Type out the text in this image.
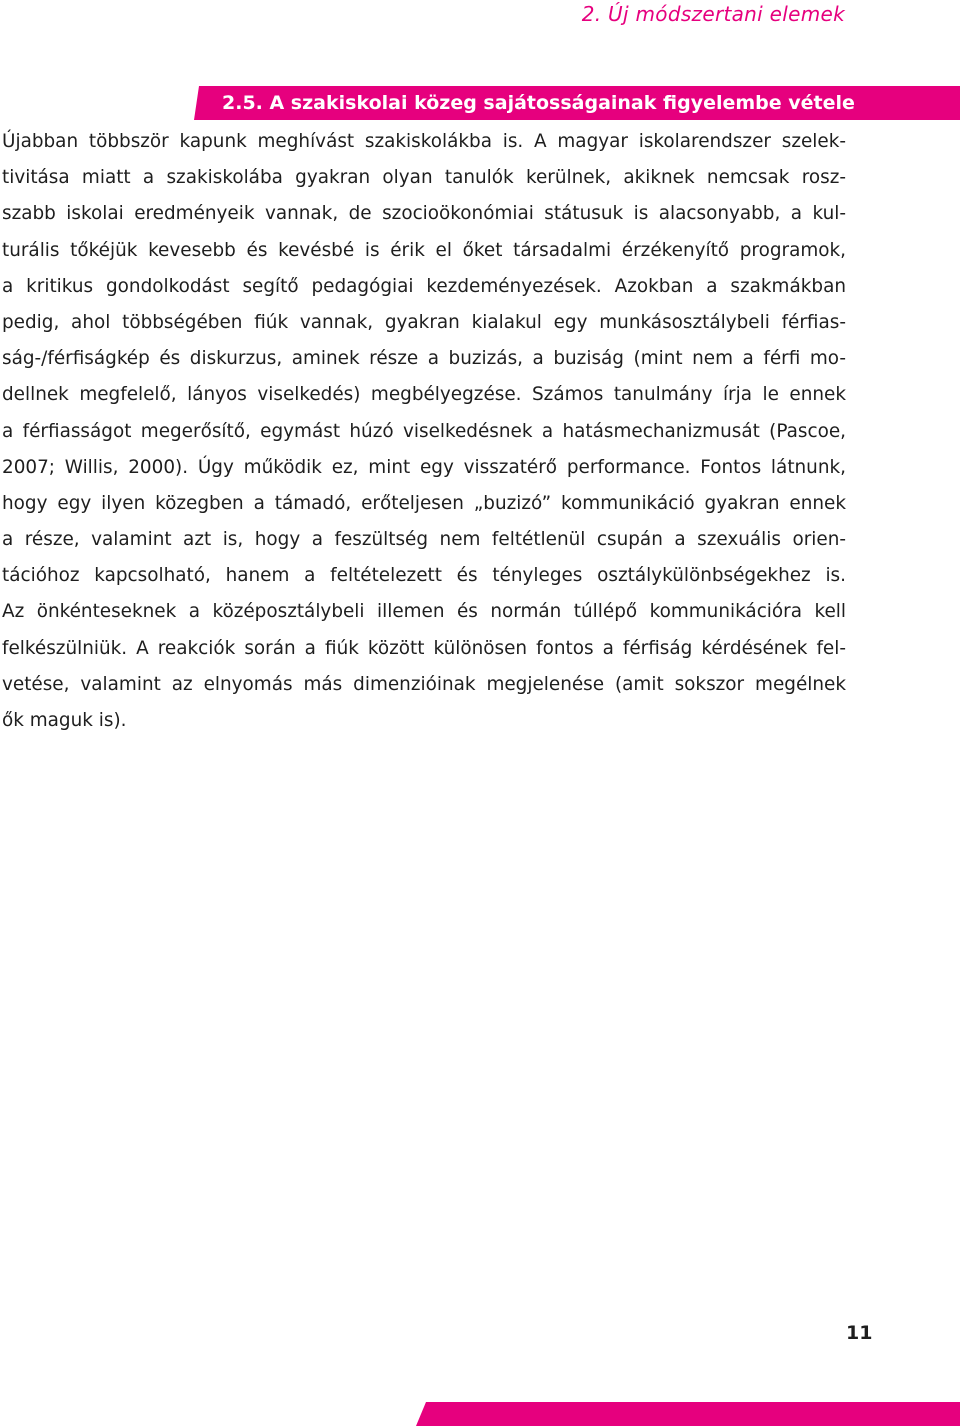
2. Új módszertani elemek
2.5. A szakiskolai közeg sajátosságainak figyelembe vétele
Újabban többször kapunk meghívást szakiskolákba is. A magyar iskolarendszer szelek-
tivitása miatt a szakiskolába gyakran olyan tanulók kerülnek, akiknek nemcsak rosz-
szabb iskolai eredményeik vannak, de szocioökonómiai státusuk is alacsonyabb, a kul-
turális tőkéjük kevesebb és kevésbé is érik el őket társadalmi érzékenyítő programok,
a kritikus gondolkodást segítő pedagógiai kezdeményezések. Azokban a szakmákban
pedig, ahol többségében fiúk vannak, gyakran kialakul egy munkásosztálybeli férfias-
ság-/férfiságkép és diskurzus, aminek része a buzizás, a buziság (mint nem a férfi mo-
dellnek megfelelő, lányos viselkedés) megbélyegzése. Számos tanulmány írja le ennek
a férfiasságot megerősítő, egymást húzó viselkedésnek a hatásmechanizmusát (Pascoe,
2007; Willis, 2000). Úgy működik ez, mint egy visszatérő performance. Fontos látnunk,
hogy egy ilyen közegben a támadó, erőteljesen „buzizó” kommunikáció gyakran ennek
a része, valamint azt is, hogy a feszültség nem feltétlenül csupán a szexuális orien-
tációhoz kapcsolható, hanem a feltételezett és tényleges osztálykülönbségekhez is.
Az önkénteseknek a középosztálybeli illemen és normán túllépő kommunikációra kell
felkészülniük. A reakciók során a fiúk között különösen fontos a férfiság kérdésének fel-
vetése, valamint az elnyomás más dimenzióinak megjelenése (amit sokszor megélnek
ők maguk is).
11
